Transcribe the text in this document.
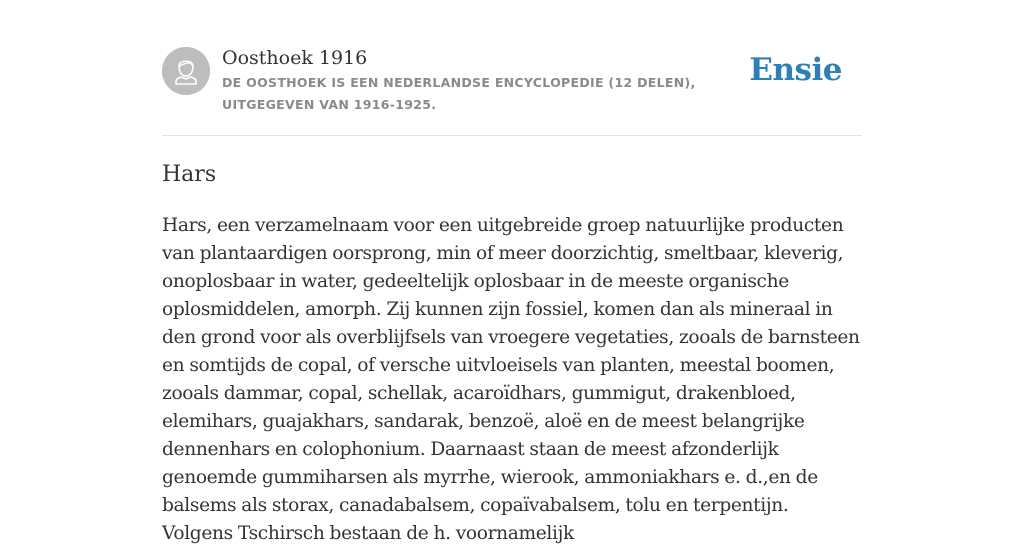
Oosthoek 1916
DE OOSTHOEK IS EEN NEDERLANDSE ENCYCLOPEDIE (12 DELEN), UITGEGEVEN VAN 1916-1925.
Ensie
Hars

Hars, een verzamelnaam voor een uitgebreide groep natuurlijke producten van plantaardigen oorsprong, min of meer doorzichtig, smeltbaar, kleverig, onoplosbaar in water, gedeeltelijk oplosbaar in de meeste organische oplosmiddelen, amorph. Zij kunnen zijn fossiel, komen dan als mineraal in den grond voor als overblijfsels van vroegere vegetaties, zooals de barnsteen en somtijds de copal, of versche uitvloeisels van planten, meestal boomen, zooals dammar, copal, schellak, acaroïdhars, gummigut, drakenbloed, elemihars, guajakhars, sandarak, benzoë, aloë en de meest belangrijke dennenhars en colophonium. Daarnaast staan de meest afzonderlijk genoemde gummiharsen als myrrhe, wierook, ammoniakhars e. d.,en de balsems als storax, canadabalsem, copaïvabalsem, tolu en terpentijn. Volgens Tschirsch bestaan de h. voornamelijk
